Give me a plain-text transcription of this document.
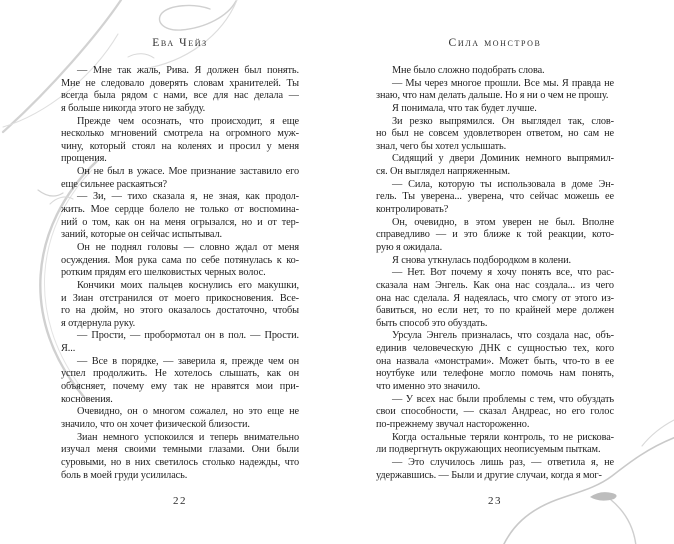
Ева Чейз
— Мне так жаль, Рива. Я должен был понять.
Мне не следовало доверять словам хранителей. Ты
всегда была рядом с нами, все для нас делала —
я больше никогда этого не забуду.
Прежде чем осознать, что происходит, я еще
несколько мгновений смотрела на огромного муж-
чину, который стоял на коленях и просил у меня
прощения.
Он не был в ужасе. Мое признание заставило его
еще сильнее раскаяться?
— Зи, — тихо сказала я, не зная, как продол-
жить. Мое сердце болело не только от воспомина-
ний о том, как он на меня огрызался, но и от тер-
заний, которые он сейчас испытывал.
Он не поднял головы — словно ждал от меня
осуждения. Моя рука сама по себе потянулась к ко-
ротким прядям его шелковистых черных волос.
Кончики моих пальцев коснулись его макушки,
и Зиан отстранился от моего прикосновения. Все-
го на дюйм, но этого оказалось достаточно, чтобы
я отдернула руку.
— Прости, — пробормотал он в пол. — Прости.
Я...
— Все в порядке, — заверила я, прежде чем он
успел продолжить. Не хотелось слышать, как он
объясняет, почему ему так не нравятся мои при-
косновения.
Очевидно, он о многом сожалел, но это еще не
значило, что он хочет физической близости.
Зиан немного успокоился и теперь внимательно
изучал меня своими темными глазами. Они были
суровыми, но в них светилось столько надежды, что
боль в моей груди усилилась.
22
Сила монстров
Мне было сложно подобрать слова.
— Мы через многое прошли. Все мы. Я правда не
знаю, что нам делать дальше. Но я ни о чем не прошу.
Я понимала, что так будет лучше.
Зи резко выпрямился. Он выглядел так, слов-
но был не совсем удовлетворен ответом, но сам не
знал, чего бы хотел услышать.
Сидящий у двери Доминик немного выпрямил-
ся. Он выглядел напряженным.
— Сила, которую ты использовала в доме Эн-
гель. Ты уверена... уверена, что сейчас можешь ее
контролировать?
Он, очевидно, в этом уверен не был. Вполне
справедливо — и это ближе к той реакции, кото-
рую я ожидала.
Я снова уткнулась подбородком в колени.
— Нет. Вот почему я хочу понять все, что рас-
сказала нам Энгель. Как она нас создала... из чего
она нас сделала. Я надеялась, что смогу от этого из-
бавиться, но если нет, то по крайней мере должен
быть способ это обуздать.
Урсула Энгель призналась, что создала нас, объ-
единив человеческую ДНК с сущностью тех, кого
она назвала «монстрами». Может быть, что-то в ее
ноутбуке или телефоне могло помочь нам понять,
что именно это значило.
— У всех нас были проблемы с тем, что обуздать
свои способности, — сказал Андреас, но его голос
по-прежнему звучал настороженно.
Когда остальные теряли контроль, то не рискова-
ли подвергнуть окружающих неописуемым пыткам.
— Это случилось лишь раз, — ответила я, не
удержавшись. — Были и другие случаи, когда я мог-
23
